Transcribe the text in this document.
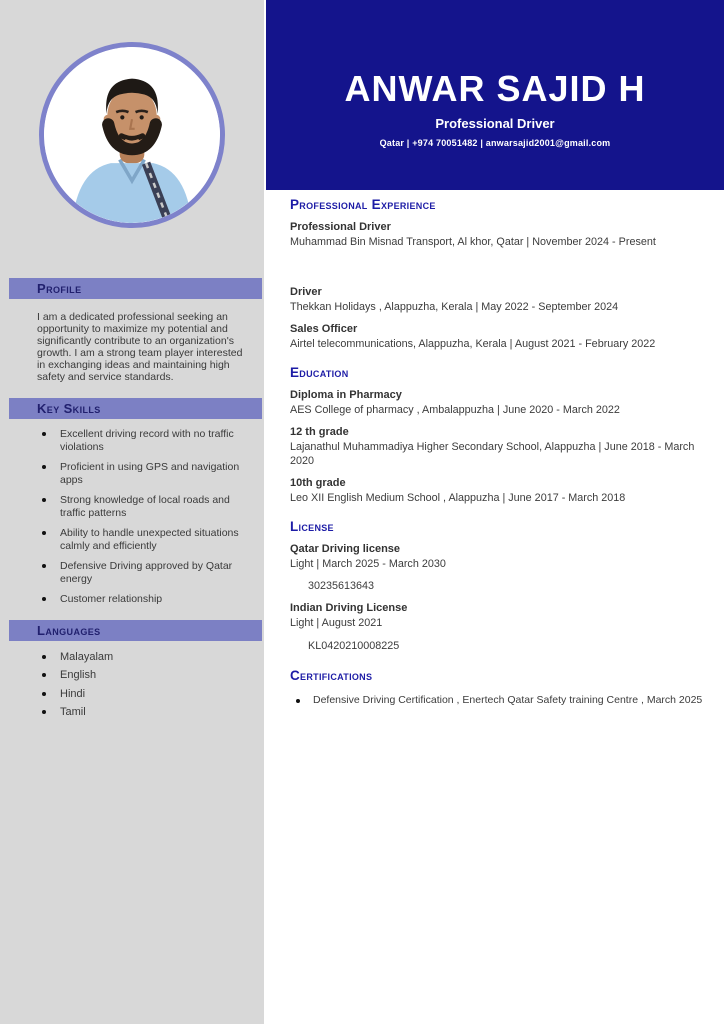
Profile

I am a dedicated professional seeking an opportunity to maximize my potential and significantly contribute to an organization's growth. I am a strong team player interested in exchanging ideas and maintaining high safety and service standards.

Key Skills
Excellent driving record with no traffic violations
Proficient in using GPS and navigation apps
Strong knowledge of local roads and traffic patterns
Ability to handle unexpected situations calmly and efficiently
Defensive Driving approved by Qatar energy
Customer relationship
Languages
Malayalam
English
Hindi
Tamil
ANWAR SAJID H
Professional Driver
Qatar | +974 70051482 | anwarsajid2001@gmail.com
Professional Experience
Professional Driver
Muhammad Bin Misnad Transport, Al khor, Qatar | November 2024 - Present
Driver
Thekkan Holidays , Alappuzha, Kerala | May 2022 - September 2024
Sales Officer
Airtel telecommunications, Alappuzha, Kerala | August 2021 - February 2022
Education
Diploma in Pharmacy
AES College of pharmacy , Ambalappuzha | June 2020 - March 2022
12 th grade
Lajanathul Muhammadiya Higher Secondary School, Alappuzha | June 2018 - March 2020
10th grade
Leo XII English Medium School , Alappuzha | June 2017 - March 2018
License
Qatar Driving license
Light | March 2025 - March 2030
30235613643
Indian Driving License
Light | August 2021
KL0420210008225
Certifications
Defensive Driving Certification , Enertech Qatar Safety training Centre , March 2025
